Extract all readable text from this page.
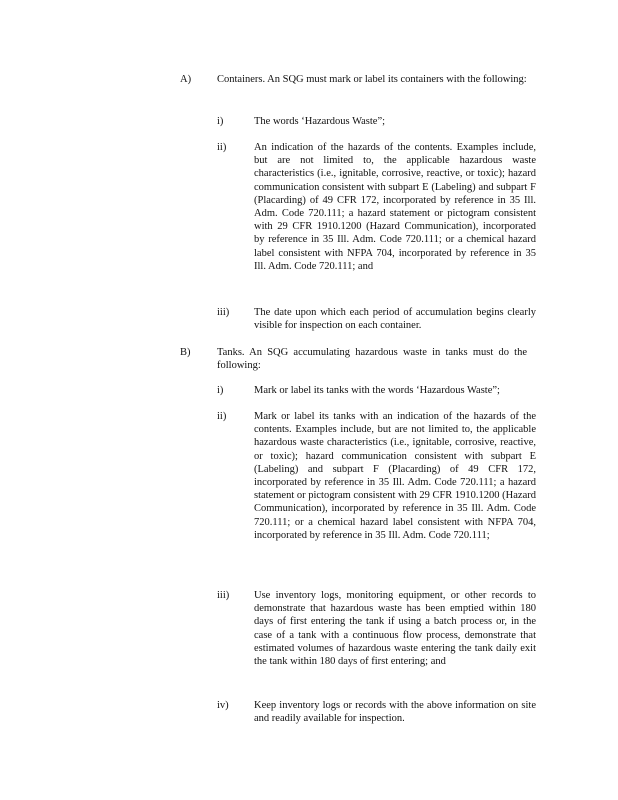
A) Containers. An SQG must mark or label its containers with the following:
i)	The words ‘Hazardous Waste”;
ii)	An indication of the hazards of the contents. Examples include, but are not limited to, the applicable hazardous waste characteristics (i.e., ignitable, corrosive, reactive, or toxic); hazard communication consistent with subpart E (Labeling) and subpart F (Placarding) of 49 CFR 172, incorporated by reference in 35 Ill. Adm. Code 720.111; a hazard statement or pictogram consistent with 29 CFR 1910.1200 (Hazard Communication), incorporated by reference in 35 Ill. Adm. Code 720.111; or a chemical hazard label consistent with NFPA 704, incorporated by reference in 35 Ill. Adm. Code 720.111; and
iii) The date upon which each period of accumulation begins clearly visible for inspection on each container.
B)	Tanks. An SQG accumulating hazardous waste in tanks must do the following:
i)	Mark or label its tanks with the words ‘Hazardous Waste”;
ii)	Mark or label its tanks with an indication of the hazards of the contents. Examples include, but are not limited to, the applicable hazardous waste characteristics (i.e., ignitable, corrosive, reactive, or toxic); hazard communication consistent with subpart E (Labeling) and subpart F (Placarding) of 49 CFR 172, incorporated by reference in 35 Ill. Adm. Code 720.111; a hazard statement or pictogram consistent with 29 CFR 1910.1200 (Hazard Communication), incorporated by reference in 35 Ill. Adm. Code 720.111; or a chemical hazard label consistent with NFPA 704, incorporated by reference in 35 Ill. Adm. Code 720.111;
iii) Use inventory logs, monitoring equipment, or other records to demonstrate that hazardous waste has been emptied within 180 days of first entering the tank if using a batch process or, in the case of a tank with a continuous flow process, demonstrate that estimated volumes of hazardous waste entering the tank daily exit the tank within 180 days of first entering; and
iv) Keep inventory logs or records with the above information on site and readily available for inspection.
